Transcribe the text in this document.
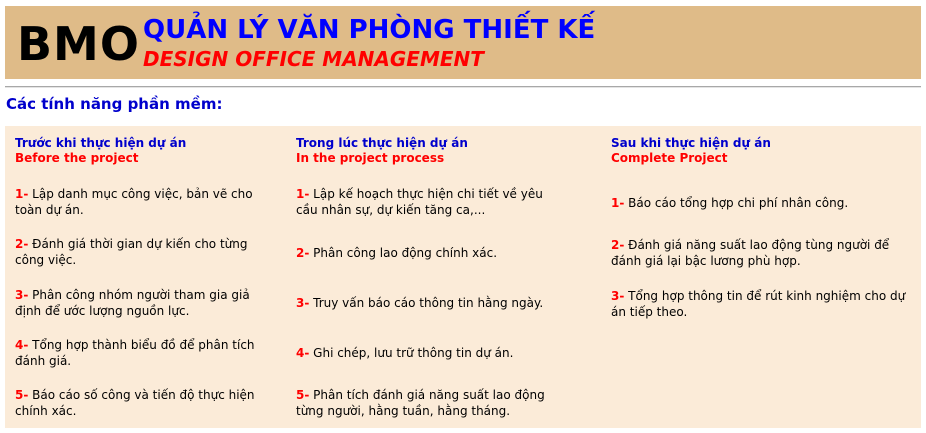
BMO QUẢN LÝ VĂN PHÒNG THIẾT KẾ
DESIGN OFFICE MANAGEMENT
Các tính năng phần mềm:
Trước khi thực hiện dự án
Before the project
1- Lập danh mục công việc, bản vẽ cho toàn dự án.
2- Đánh giá thời gian dự kiến cho từng công việc.
3- Phân công nhóm người tham gia giả định để ước lượng nguồn lực.
4- Tổng hợp thành biểu đồ để phân tích đánh giá.
5- Báo cáo số công và tiến độ thực hiện chính xác.
Trong lúc thực hiện dự án
In the project process
1- Lập kế hoạch thực hiện chi tiết về yêu cầu nhân sự, dự kiến tăng ca,...
2- Phân công lao động chính xác.
3- Truy vấn báo cáo thông tin hằng ngày.
4- Ghi chép, lưu trữ thông tin dự án.
5- Phân tích đánh giá năng suất lao động từng người, hằng tuần, hằng tháng.
Sau khi thực hiện dự án
Complete Project
1- Báo cáo tổng hợp chi phí nhân công.
2- Đánh giá năng suất lao động tùng người để đánh giá lại bậc lương phù hợp.
3- Tổng hợp thông tin để rút kinh nghiệm cho dự án tiếp theo.
